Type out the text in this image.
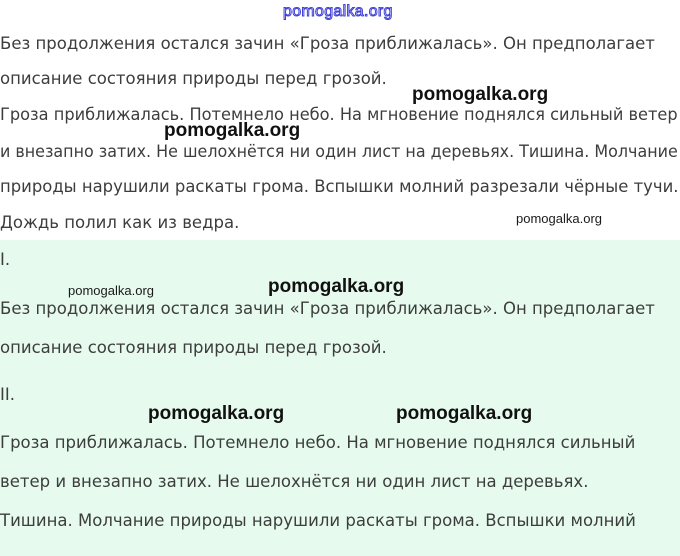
pomogalka.org

Без продолжения остался зачин «Гроза приближалась». Он предполагает

описание состояния природы перед грозой.

Гроза приближалась. Потемнело небо. На мгновение поднялся сильный ветер

и внезапно затих. Не шелохнётся ни один лист на деревьях. Тишина. Молчание

природы нарушили раскаты грома. Вспышки молний разрезали чёрные тучи.

Дождь полил как из ведра.

I.

Без продолжения остался зачин «Гроза приближалась». Он предполагает

описание состояния природы перед грозой.

II.

Гроза приближалась. Потемнело небо. На мгновение поднялся сильный

ветер и внезапно затих. Не шелохнётся ни один лист на деревьях.

Тишина. Молчание природы нарушили раскаты грома. Вспышки молний

pomogalka.org

pomogalka.org

pomogalka.org

pomogalka.org

pomogalka.org

pomogalka.org	pomogalka.org
